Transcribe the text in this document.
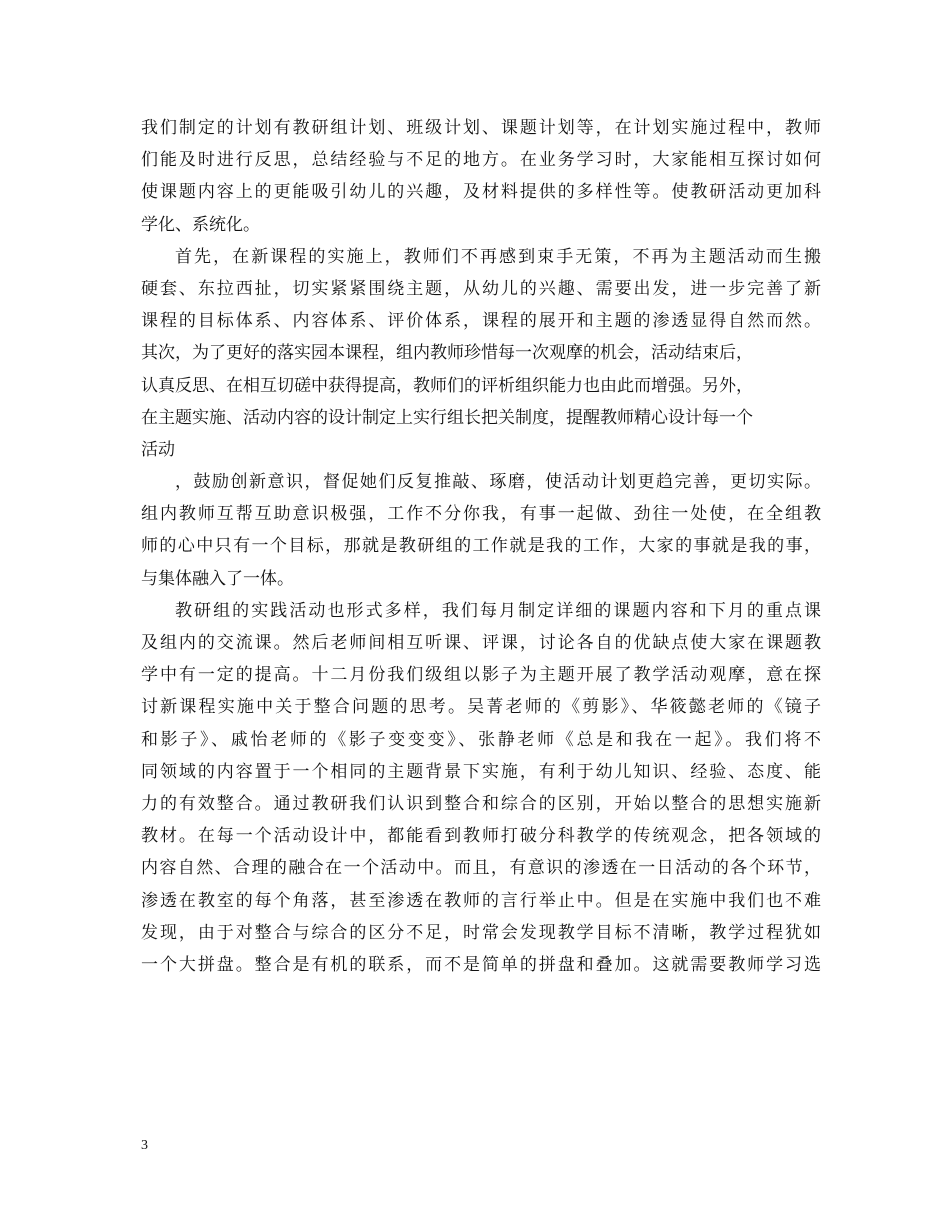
我们制定的计划有教研组计划、班级计划、课题计划等，在计划实施过程中，教师
们能及时进行反思，总结经验与不足的地方。在业务学习时，大家能相互探讨如何
使课题内容上的更能吸引幼儿的兴趣，及材料提供的多样性等。使教研活动更加科
学化、系统化。
首先，在新课程的实施上，教师们不再感到束手无策，不再为主题活动而生搬
硬套、东拉西扯，切实紧紧围绕主题，从幼儿的兴趣、需要出发，进一步完善了新
课程的目标体系、内容体系、评价体系，课程的展开和主题的渗透显得自然而然。
其次，为了更好的落实园本课程，组内教师珍惜每一次观摩的机会，活动结束后，
认真反思、在相互切磋中获得提高，教师们的评析组织能力也由此而增强。另外，
在主题实施、活动内容的设计制定上实行组长把关制度，提醒教师精心设计每一个
活动
，鼓励创新意识，督促她们反复推敲、琢磨，使活动计划更趋完善，更切实际。
组内教师互帮互助意识极强，工作不分你我，有事一起做、劲往一处使，在全组教
师的心中只有一个目标，那就是教研组的工作就是我的工作，大家的事就是我的事，
与集体融入了一体。
教研组的实践活动也形式多样，我们每月制定详细的课题内容和下月的重点课
及组内的交流课。然后老师间相互听课、评课，讨论各自的优缺点使大家在课题教
学中有一定的提高。十二月份我们级组以影子为主题开展了教学活动观摩，意在探
讨新课程实施中关于整合问题的思考。吴菁老师的《剪影》、华筱懿老师的《镜子
和影子》、戚怡老师的《影子变变变》、张静老师《总是和我在一起》。我们将不
同领域的内容置于一个相同的主题背景下实施，有利于幼儿知识、经验、态度、能
力的有效整合。通过教研我们认识到整合和综合的区别，开始以整合的思想实施新
教材。在每一个活动设计中，都能看到教师打破分科教学的传统观念，把各领域的
内容自然、合理的融合在一个活动中。而且，有意识的渗透在一日活动的各个环节，
渗透在教室的每个角落，甚至渗透在教师的言行举止中。但是在实施中我们也不难
发现，由于对整合与综合的区分不足，时常会发现教学目标不清晰，教学过程犹如
一个大拼盘。整合是有机的联系，而不是简单的拼盘和叠加。这就需要教师学习选
3
